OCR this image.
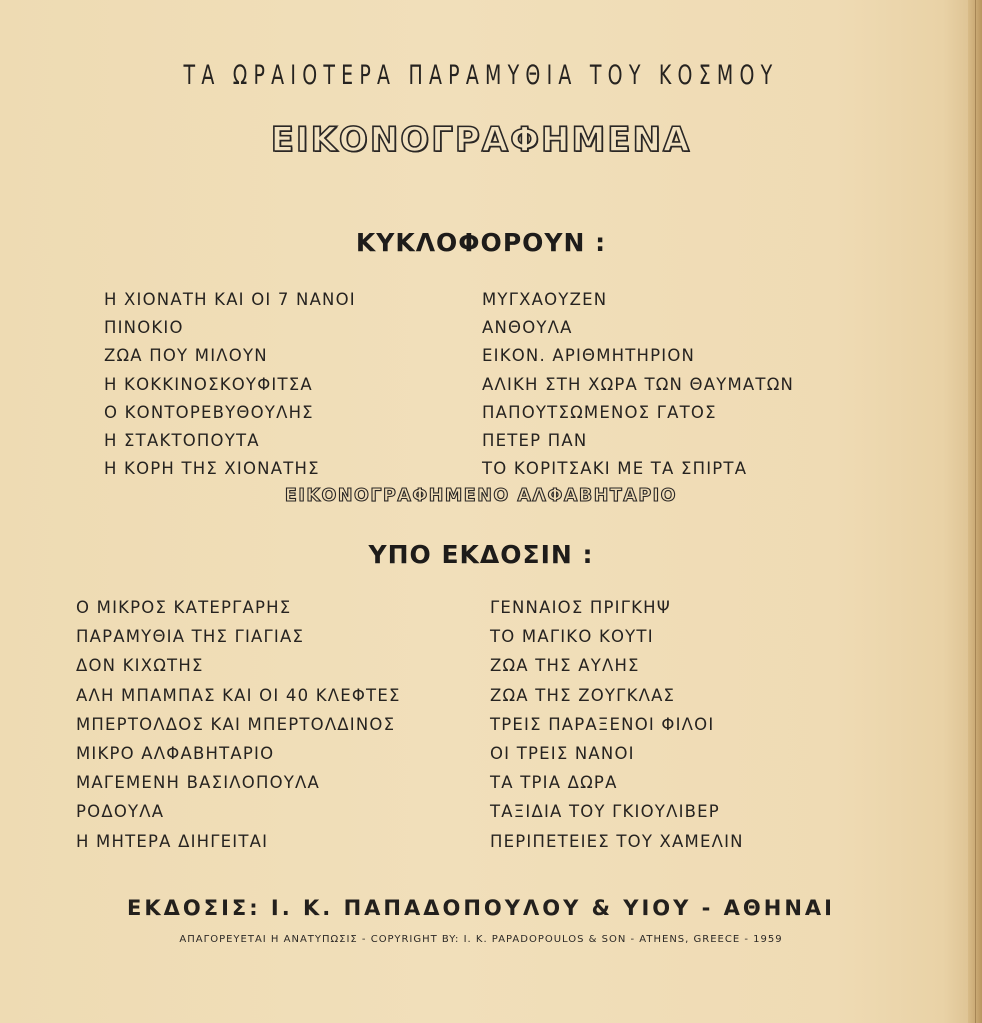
ΤΑ ΩΡΑΙΟΤΕΡΑ ΠΑΡΑΜΥΘΙΑ ΤΟΥ ΚΟΣΜΟΥ
ΕΙΚΟΝΟΓΡΑΦΗΜΕΝΑ
ΚΥΚΛΟΦΟΡΟΥΝ :
Η ΧΙΟΝΑΤΗ ΚΑΙ ΟΙ 7 ΝΑΝΟΙ
ΠΙΝΟΚΙΟ
ΖΩΑ ΠΟΥ ΜΙΛΟΥΝ
Η ΚΟΚΚΙΝΟΣΚΟΥΦΙΤΣΑ
Ο ΚΟΝΤΟΡΕΒΥΘΟΥΛΗΣ
Η ΣΤΑΚΤΟΠΟΥΤΑ
Η ΚΟΡΗ ΤΗΣ ΧΙΟΝΑΤΗΣ
ΜΥΓΧΑΟΥΖΕΝ
ΑΝΘΟΥΛΑ
ΕΙΚΟΝ. ΑΡΙΘΜΗΤΗΡΙΟΝ
ΑΛΙΚΗ ΣΤΗ ΧΩΡΑ ΤΩΝ ΘΑΥΜΑΤΩΝ
ΠΑΠΟΥΤΣΩΜΕΝΟΣ ΓΑΤΟΣ
ΠΕΤΕΡ ΠΑΝ
ΤΟ ΚΟΡΙΤΣΑΚΙ ΜΕ ΤΑ ΣΠΙΡΤΑ
ΕΙΚΟΝΟΓΡΑΦΗΜΕΝΟ ΑΛΦΑΒΗΤΑΡΙΟ
ΥΠΟ ΕΚΔΟΣΙΝ :
Ο ΜΙΚΡΟΣ ΚΑΤΕΡΓΑΡΗΣ
ΠΑΡΑΜΥΘΙΑ ΤΗΣ ΓΙΑΓΙΑΣ
ΔΟΝ ΚΙΧΩΤΗΣ
ΑΛΗ ΜΠΑΜΠΑΣ ΚΑΙ ΟΙ 40 ΚΛΕΦΤΕΣ
ΜΠΕΡΤΟΛΔΟΣ ΚΑΙ ΜΠΕΡΤΟΛΔΙΝΟΣ
ΜΙΚΡΟ ΑΛΦΑΒΗΤΑΡΙΟ
ΜΑΓΕΜΕΝΗ ΒΑΣΙΛΟΠΟΥΛΑ
ΡΟΔΟΥΛΑ
Η ΜΗΤΕΡΑ ΔΙΗΓΕΙΤΑΙ
ΓΕΝΝΑΙΟΣ ΠΡΙΓΚΗΨ
ΤΟ ΜΑΓΙΚΟ ΚΟΥΤΙ
ΖΩΑ ΤΗΣ ΑΥΛΗΣ
ΖΩΑ ΤΗΣ ΖΟΥΓΚΛΑΣ
ΤΡΕΙΣ ΠΑΡΑΞΕΝΟΙ ΦΙΛΟΙ
ΟΙ ΤΡΕΙΣ ΝΑΝΟΙ
ΤΑ ΤΡΙΑ ΔΩΡΑ
ΤΑΞΙΔΙΑ ΤΟΥ ΓΚΙΟΥΛΙΒΕΡ
ΠΕΡΙΠΕΤΕΙΕΣ ΤΟΥ ΧΑΜΕΛΙΝ
ΕΚΔΟΣΙΣ: Ι. Κ. ΠΑΠΑΔΟΠΟΥΛΟΥ & ΥΙΟΥ - ΑΘΗΝΑΙ
ΑΠΑΓΟΡΕΥΕΤΑΙ Η ΑΝΑΤΥΠΩΣΙΣ - COPYRIGHT BY: I. K. PAPADOPOULOS & SON - ATHENS, GREECE - 1959
